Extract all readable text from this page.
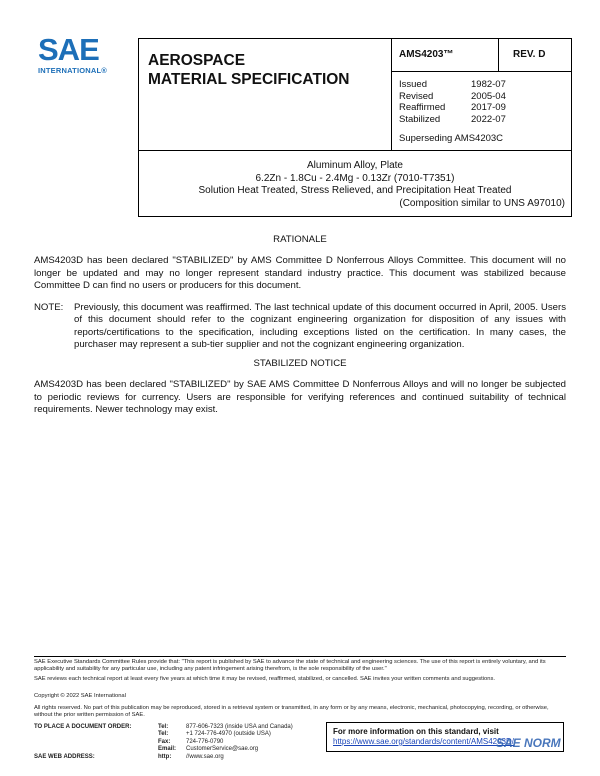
SAE
INTERNATIONAL®
AEROSPACE
MATERIAL SPECIFICATION
AMS4203™	REV. D
Issued	1982-07
Revised	2005-04
Reaffirmed	2017-09
Stabilized	2022-07
Superseding AMS4203C
Aluminum Alloy, Plate
6.2Zn - 1.8Cu - 2.4Mg - 0.13Zr (7010-T7351)
Solution Heat Treated, Stress Relieved, and Precipitation Heat Treated
(Composition similar to UNS A97010)
RATIONALE
AMS4203D has been declared "STABILIZED" by AMS Committee D Nonferrous Alloys Committee. This document will no longer be updated and may no longer represent standard industry practice. This document was stabilized because Committee D can find no users or producers for this document.
NOTE:	Previously, this document was reaffirmed. The last technical update of this document occurred in April, 2005. Users of this document should refer to the cognizant engineering organization for disposition of any issues with reports/certifications to the specification, including exceptions listed on the certification. In many cases, the purchaser may represent a sub-tier supplier and not the cognizant engineering organization.
STABILIZED NOTICE
AMS4203D has been declared "STABILIZED" by SAE AMS Committee D Nonferrous Alloys and will no longer be subjected to periodic reviews for currency. Users are responsible for verifying references and continued suitability of technical requirements. Newer technology may exist.
SAE Executive Standards Committee Rules provide that: "This report is published by SAE to advance the state of technical and engineering sciences. The use of this report is entirely voluntary, and its applicability and suitability for any particular use, including any patent infringement arising therefrom, is the sole responsibility of the user."
SAE reviews each technical report at least every five years at which time it may be revised, reaffirmed, stabilized, or cancelled. SAE invites your written comments and suggestions.
Copyright © 2022 SAE International
All rights reserved. No part of this publication may be reproduced, stored in a retrieval system or transmitted, in any form or by any means, electronic, mechanical, photocopying, recording, or otherwise, without the prior written permission of SAE.
TO PLACE A DOCUMENT ORDER:	Tel:	877-606-7323 (inside USA and Canada)
Tel:	+1 724-776-4970 (outside USA)
Fax:	724-776-0790
Email:	CustomerService@sae.org
SAE WEB ADDRESS:	http:	//www.sae.org
For more information on this standard, visit
https://www.sae.org/standards/content/AMS4203D/
SAE NORM
